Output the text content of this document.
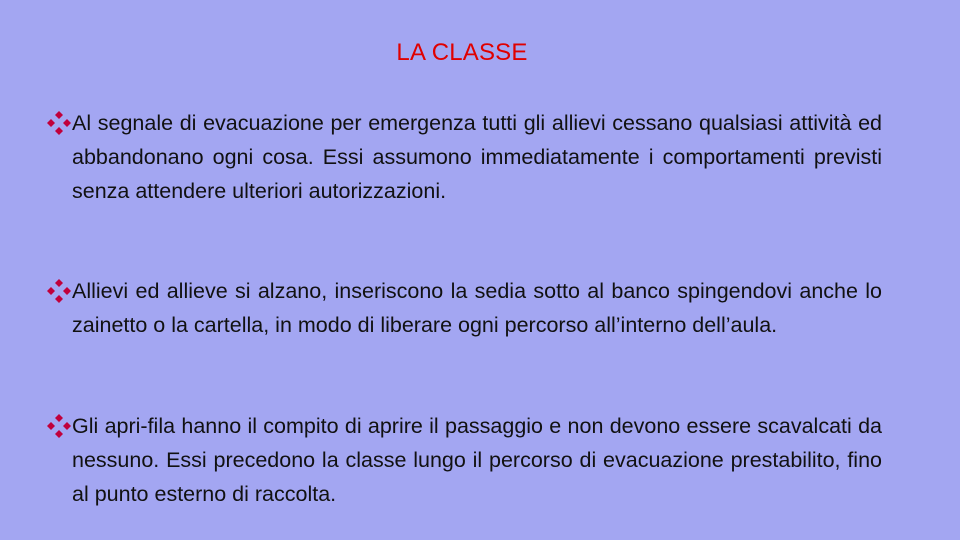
LA CLASSE
Al segnale di evacuazione per emergenza tutti gli allievi cessano qualsiasi attività ed abbandonano ogni cosa. Essi assumono immediatamente i comportamenti previsti senza attendere ulteriori autorizzazioni.
Allievi ed allieve si alzano, inseriscono la sedia sotto al banco spingendovi anche lo zainetto o la cartella, in modo di liberare ogni percorso all’interno dell’aula.
Gli apri-fila hanno il compito di aprire il passaggio e non devono essere scavalcati da nessuno. Essi precedono la classe lungo il percorso di evacuazione prestabilito, fino al punto esterno di raccolta.
